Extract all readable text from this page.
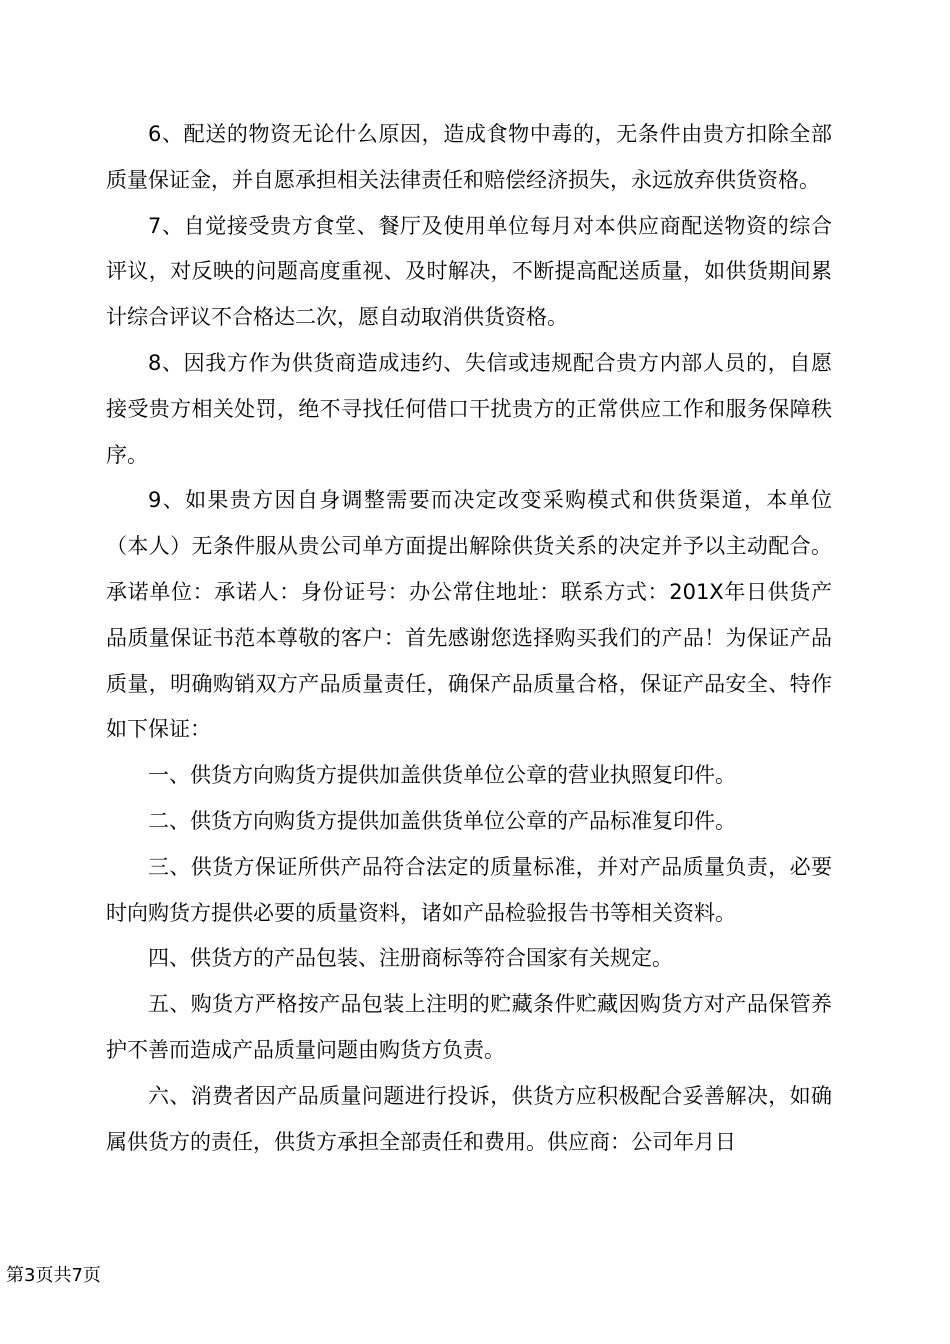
6、配送的物资无论什么原因，造成食物中毒的，无条件由贵方扣除全部质量保证金，并自愿承担相关法律责任和赔偿经济损失，永远放弃供货资格。

7、自觉接受贵方食堂、餐厅及使用单位每月对本供应商配送物资的综合评议，对反映的问题高度重视、及时解决，不断提高配送质量，如供货期间累计综合评议不合格达二次，愿自动取消供货资格。

8、因我方作为供货商造成违约、失信或违规配合贵方内部人员的，自愿接受贵方相关处罚，绝不寻找任何借口干扰贵方的正常供应工作和服务保障秩序。

9、如果贵方因自身调整需要而决定改变采购模式和供货渠道，本单位（本人）无条件服从贵公司单方面提出解除供货关系的决定并予以主动配合。承诺单位：承诺人：身份证号：办公常住地址：联系方式：201X年日供货产品质量保证书范本尊敬的客户：首先感谢您选择购买我们的产品！为保证产品质量，明确购销双方产品质量责任，确保产品质量合格，保证产品安全、特作如下保证：

一、供货方向购货方提供加盖供货单位公章的营业执照复印件。

二、供货方向购货方提供加盖供货单位公章的产品标准复印件。

三、供货方保证所供产品符合法定的质量标准，并对产品质量负责，必要时向购货方提供必要的质量资料，诸如产品检验报告书等相关资料。

四、供货方的产品包装、注册商标等符合国家有关规定。

五、购货方严格按产品包装上注明的贮藏条件贮藏因购货方对产品保管养护不善而造成产品质量问题由购货方负责。

六、消费者因产品质量问题进行投诉，供货方应积极配合妥善解决，如确属供货方的责任，供货方承担全部责任和费用。供应商：公司年月日

第3页共7页
